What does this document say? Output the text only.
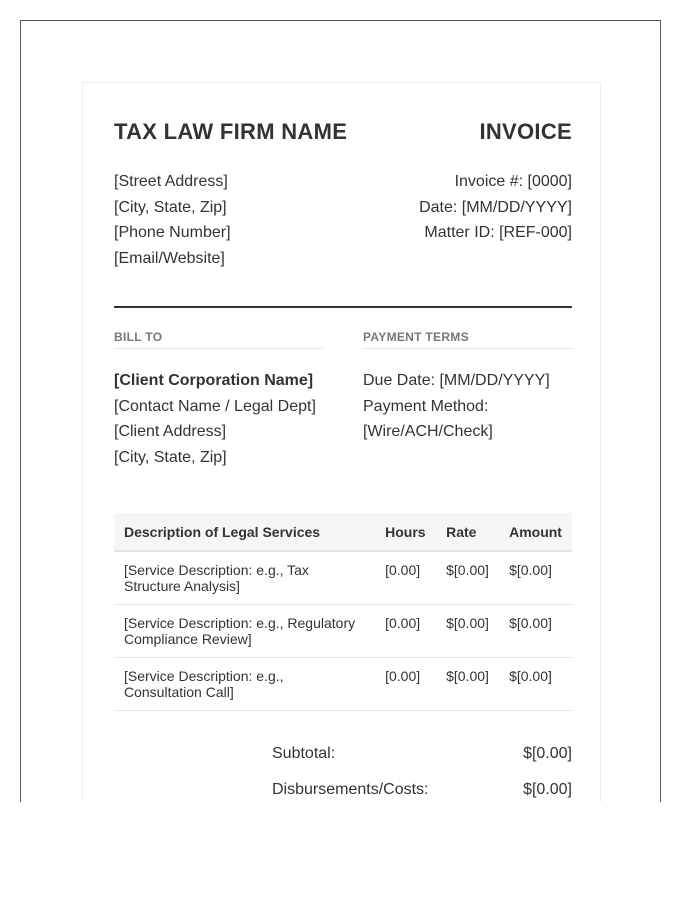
TAX LAW FIRM NAME	INVOICE
[Street Address]
[City, State, Zip]
[Phone Number]
[Email/Website]
Invoice #: [0000]
Date: [MM/DD/YYYY]
Matter ID: [REF-000]
BILL TO
[Client Corporation Name]
[Contact Name / Legal Dept]
[Client Address]
[City, State, Zip]
PAYMENT TERMS
Due Date: [MM/DD/YYYY]
Payment Method:
[Wire/ACH/Check]
Description of Legal Services	Hours	Rate	Amount
[Service Description: e.g., Tax Structure Analysis]	[0.00]	$[0.00]	$[0.00]
[Service Description: e.g., Regulatory Compliance Review]	[0.00]	$[0.00]	$[0.00]
[Service Description: e.g., Consultation Call]	[0.00]	$[0.00]	$[0.00]
Subtotal:	$[0.00]
Disbursements/Costs:	$[0.00]
